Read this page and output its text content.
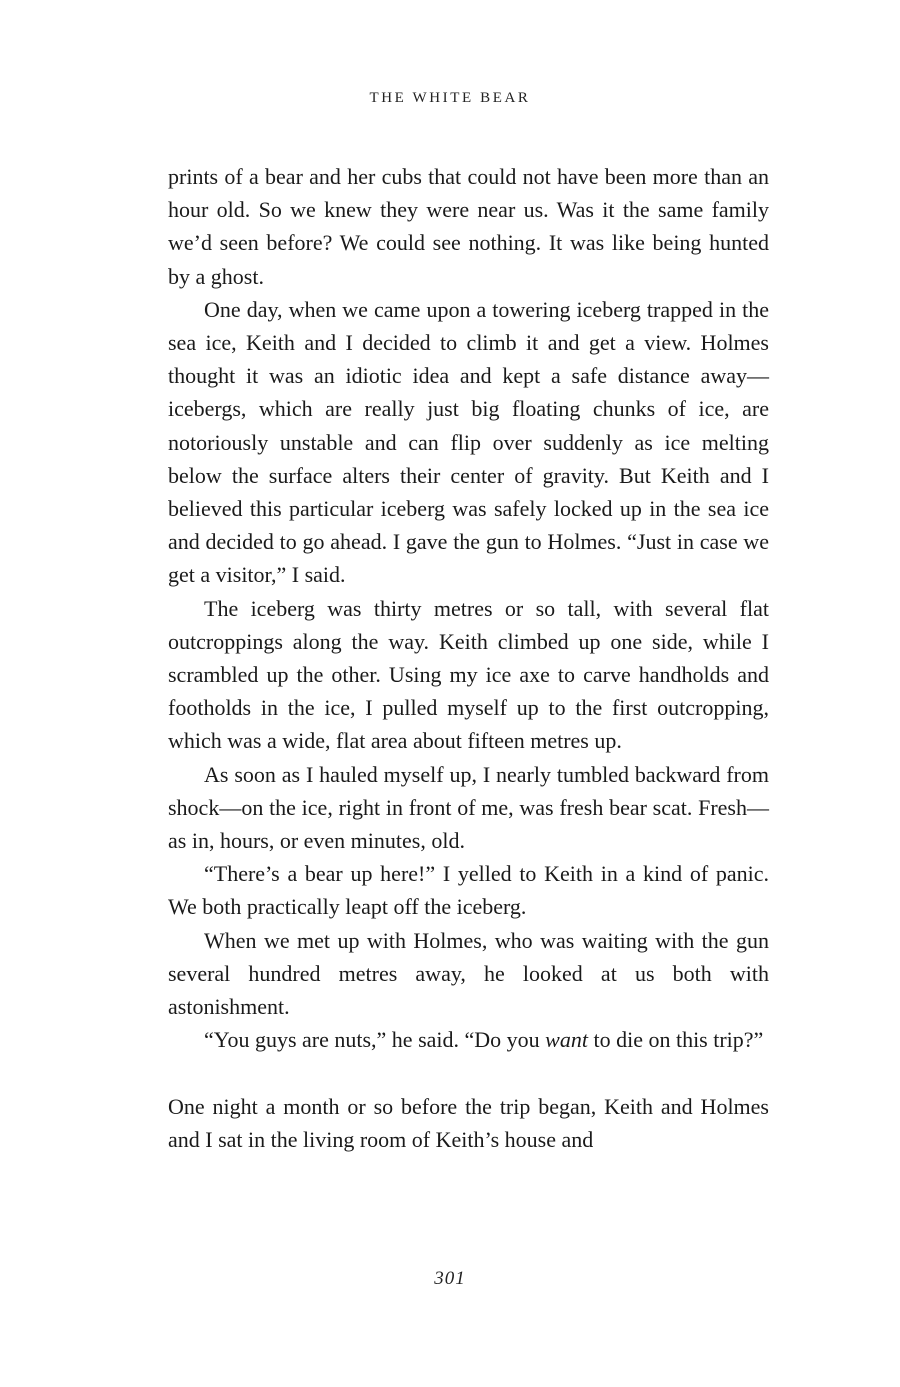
THE WHITE BEAR

prints of a bear and her cubs that could not have been more than an hour old. So we knew they were near us. Was it the same family we’d seen before? We could see nothing. It was like being hunted by a ghost.

One day, when we came upon a towering iceberg trapped in the sea ice, Keith and I decided to climb it and get a view. Holmes thought it was an idiotic idea and kept a safe distance away—icebergs, which are really just big floating chunks of ice, are notoriously unstable and can flip over suddenly as ice melting below the surface alters their center of gravity. But Keith and I believed this particular iceberg was safely locked up in the sea ice and decided to go ahead. I gave the gun to Holmes. “Just in case we get a visitor,” I said.

The iceberg was thirty metres or so tall, with several flat outcroppings along the way. Keith climbed up one side, while I scrambled up the other. Using my ice axe to carve handholds and footholds in the ice, I pulled myself up to the first outcropping, which was a wide, flat area about fifteen metres up.

As soon as I hauled myself up, I nearly tumbled backward from shock—on the ice, right in front of me, was fresh bear scat. Fresh—as in, hours, or even minutes, old.

“There’s a bear up here!” I yelled to Keith in a kind of panic. We both practically leapt off the iceberg.

When we met up with Holmes, who was waiting with the gun several hundred metres away, he looked at us both with astonishment.

“You guys are nuts,” he said. “Do you want to die on this trip?”

One night a month or so before the trip began, Keith and Holmes and I sat in the living room of Keith’s house and

301
